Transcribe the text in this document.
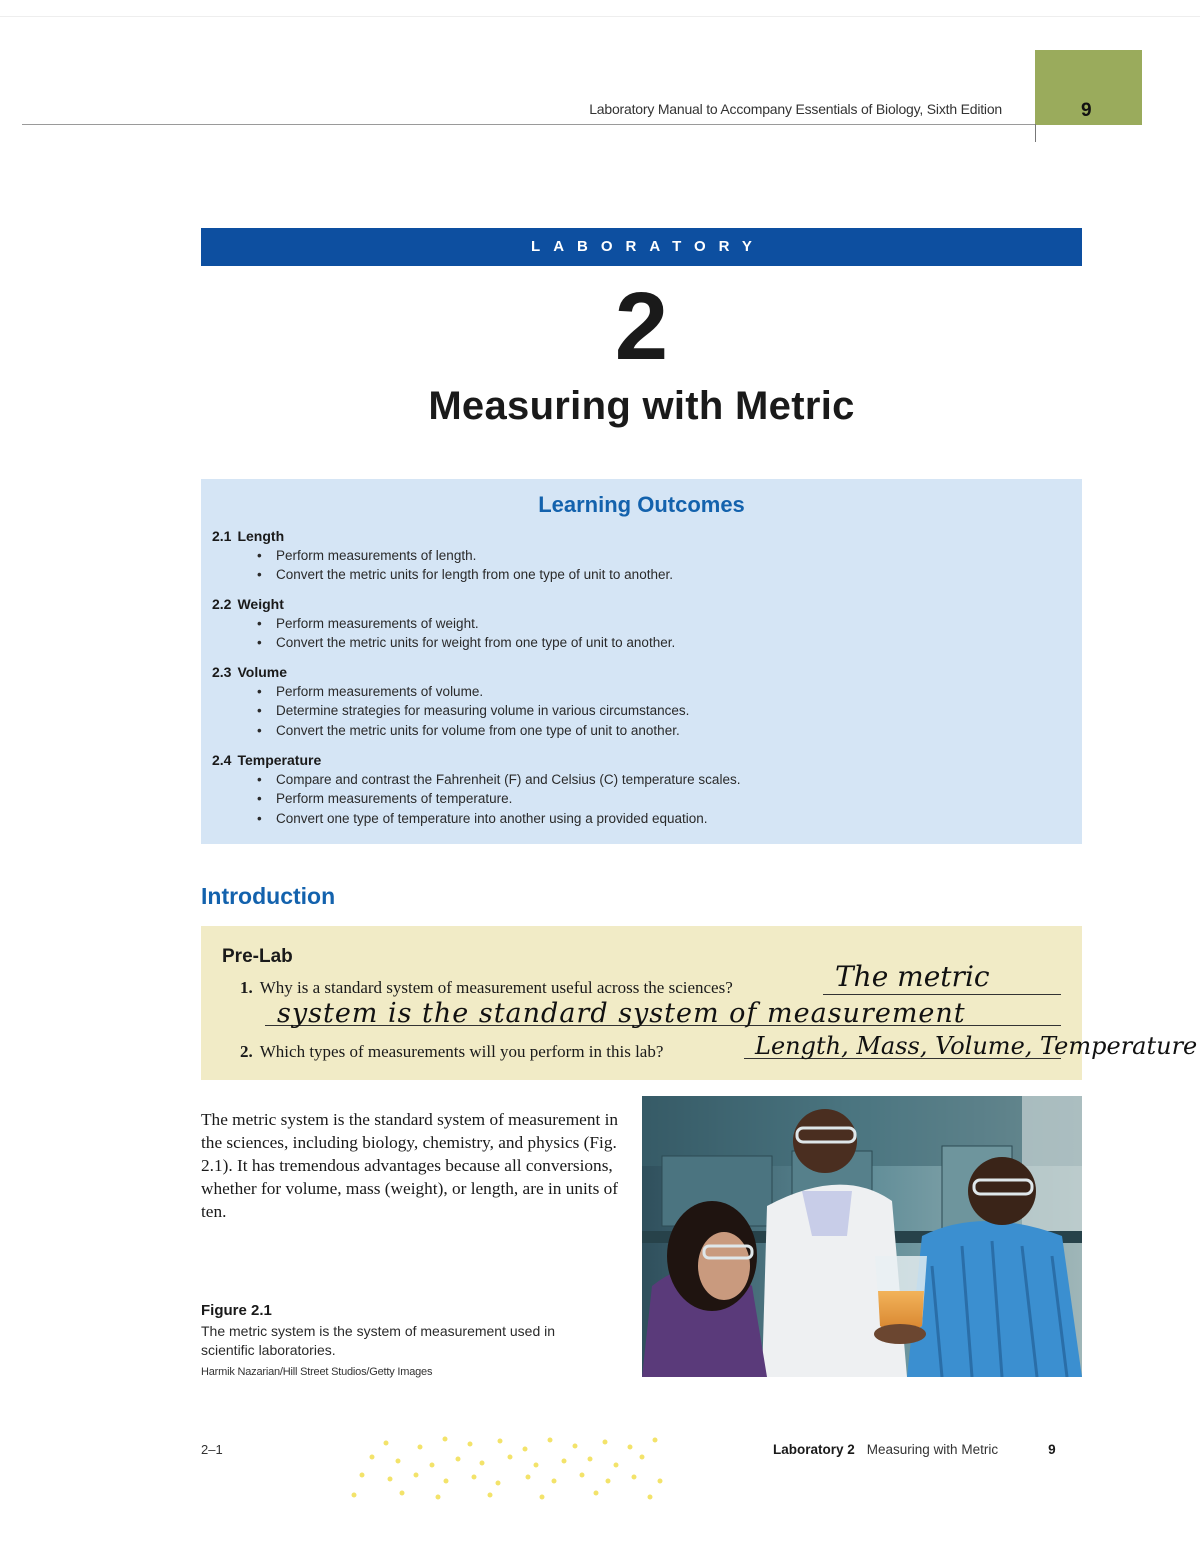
Laboratory Manual to Accompany Essentials of Biology, Sixth Edition	9
LABORATORY
2
Measuring with Metric
Learning Outcomes
2.1 Length
• Perform measurements of length.
• Convert the metric units for length from one type of unit to another.
2.2 Weight
• Perform measurements of weight.
• Convert the metric units for weight from one type of unit to another.
2.3 Volume
• Perform measurements of volume.
• Determine strategies for measuring volume in various circumstances.
• Convert the metric units for volume from one type of unit to another.
2.4 Temperature
• Compare and contrast the Fahrenheit (F) and Celsius (C) temperature scales.
• Perform measurements of temperature.
• Convert one type of temperature into another using a provided equation.
Introduction
Pre-Lab
1. Why is a standard system of measurement useful across the sciences?	The metric
system is the standard system of measurement
2. Which types of measurements will you perform in this lab?	Length, Mass, Volume, Temperature
The metric system is the standard system of measurement in the sciences, including biology, chemistry, and physics (Fig. 2.1). It has tremendous advantages because all conversions, whether for volume, mass (weight), or length, are in units of ten.
Figure 2.1
The metric system is the system of measurement used in scientific laboratories.
Harmik Nazarian/Hill Street Studios/Getty Images
2–1	Laboratory 2 Measuring with Metric	9
